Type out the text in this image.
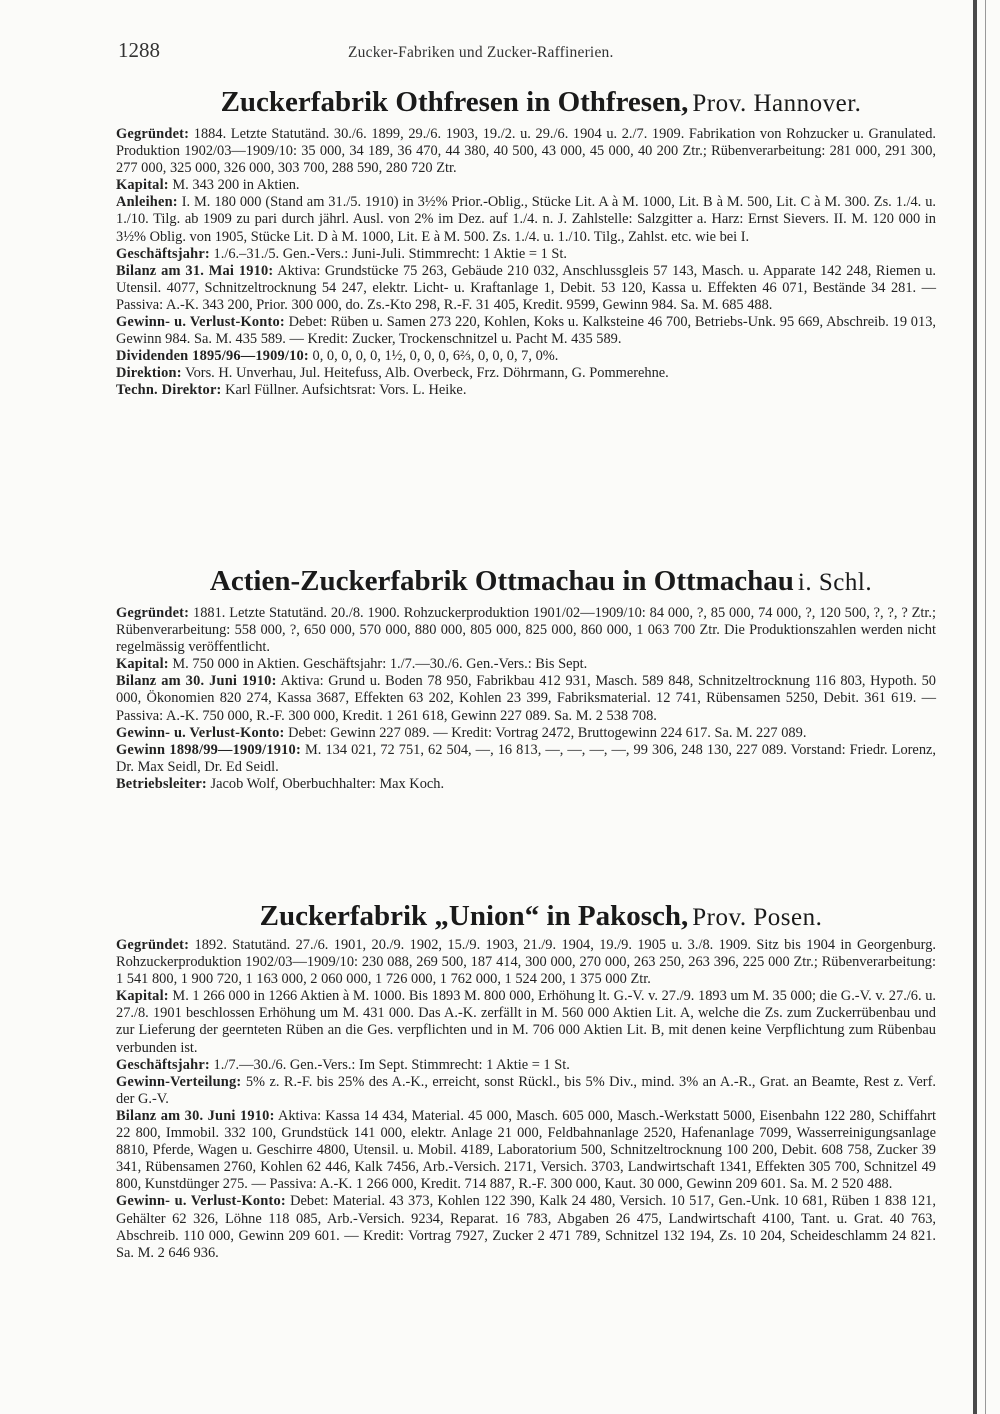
1288	Zucker-Fabriken und Zucker-Raffinerien.
Zuckerfabrik Othfresen in Othfresen, Prov. Hannover.

Gegründet: 1884. Letzte Statutänd. 30./6. 1899, 29./6. 1903, 19./2. u. 29./6. 1904 u. 2./7. 1909. Fabrikation von Rohzucker u. Granulated. Produktion 1902/03—1909/10: 35 000, 34 189, 36 470, 44 380, 40 500, 43 000, 45 000, 40 200 Ztr.; Rübenverarbeitung: 281 000, 291 300, 277 000, 325 000, 326 000, 303 700, 288 590, 280 720 Ztr.

Kapital: M. 343 200 in Aktien.

Anleihen: I. M. 180 000 (Stand am 31./5. 1910) in 3½% Prior.-Oblig., Stücke Lit. A à M. 1000, Lit. B à M. 500, Lit. C à M. 300. Zs. 1./4. u. 1./10. Tilg. ab 1909 zu pari durch jährl. Ausl. von 2% im Dez. auf 1./4. n. J. Zahlstelle: Salzgitter a. Harz: Ernst Sievers. II. M. 120 000 in 3½% Oblig. von 1905, Stücke Lit. D à M. 1000, Lit. E à M. 500. Zs. 1./4. u. 1./10. Tilg., Zahlst. etc. wie bei I.

Geschäftsjahr: 1./6.–31./5. Gen.-Vers.: Juni-Juli. Stimmrecht: 1 Aktie = 1 St.

Bilanz am 31. Mai 1910: Aktiva: Grundstücke 75 263, Gebäude 210 032, Anschlussgleis 57 143, Masch. u. Apparate 142 248, Riemen u. Utensil. 4077, Schnitzeltrocknung 54 247, elektr. Licht- u. Kraftanlage 1, Debit. 53 120, Kassa u. Effekten 46 071, Bestände 34 281. — Passiva: A.-K. 343 200, Prior. 300 000, do. Zs.-Kto 298, R.-F. 31 405, Kredit. 9599, Gewinn 984. Sa. M. 685 488.

Gewinn- u. Verlust-Konto: Debet: Rüben u. Samen 273 220, Kohlen, Koks u. Kalksteine 46 700, Betriebs-Unk. 95 669, Abschreib. 19 013, Gewinn 984. Sa. M. 435 589. — Kredit: Zucker, Trockenschnitzel u. Pacht M. 435 589.

Dividenden 1895/96—1909/10: 0, 0, 0, 0, 0, 1½, 0, 0, 0, 6⅔, 0, 0, 0, 7, 0%.

Direktion: Vors. H. Unverhau, Jul. Heitefuss, Alb. Overbeck, Frz. Döhrmann, G. Pommerehne.

Techn. Direktor: Karl Füllner. Aufsichtsrat: Vors. L. Heike.

Actien-Zuckerfabrik Ottmachau in Ottmachau i. Schl.

Gegründet: 1881. Letzte Statutänd. 20./8. 1900. Rohzuckerproduktion 1901/02—1909/10: 84 000, ?, 85 000, 74 000, ?, 120 500, ?, ?, ? Ztr.; Rübenverarbeitung: 558 000, ?, 650 000, 570 000, 880 000, 805 000, 825 000, 860 000, 1 063 700 Ztr. Die Produktionszahlen werden nicht regelmässig veröffentlicht.

Kapital: M. 750 000 in Aktien. Geschäftsjahr: 1./7.—30./6. Gen.-Vers.: Bis Sept.

Bilanz am 30. Juni 1910: Aktiva: Grund u. Boden 78 950, Fabrikbau 412 931, Masch. 589 848, Schnitzeltrocknung 116 803, Hypoth. 50 000, Ökonomien 820 274, Kassa 3687, Effekten 63 202, Kohlen 23 399, Fabriksmaterial. 12 741, Rübensamen 5250, Debit. 361 619. — Passiva: A.-K. 750 000, R.-F. 300 000, Kredit. 1 261 618, Gewinn 227 089. Sa. M. 2 538 708.

Gewinn- u. Verlust-Konto: Debet: Gewinn 227 089. — Kredit: Vortrag 2472, Bruttogewinn 224 617. Sa. M. 227 089.

Gewinn 1898/99—1909/1910: M. 134 021, 72 751, 62 504, —, 16 813, —, —, —, —, 99 306, 248 130, 227 089. Vorstand: Friedr. Lorenz, Dr. Max Seidl, Dr. Ed Seidl.

Betriebsleiter: Jacob Wolf, Oberbuchhalter: Max Koch.

Zuckerfabrik „Union“ in Pakosch, Prov. Posen.

Gegründet: 1892. Statutänd. 27./6. 1901, 20./9. 1902, 15./9. 1903, 21./9. 1904, 19./9. 1905 u. 3./8. 1909. Sitz bis 1904 in Georgenburg. Rohzuckerproduktion 1902/03—1909/10: 230 088, 269 500, 187 414, 300 000, 270 000, 263 250, 263 396, 225 000 Ztr.; Rübenverarbeitung: 1 541 800, 1 900 720, 1 163 000, 2 060 000, 1 726 000, 1 762 000, 1 524 200, 1 375 000 Ztr.

Kapital: M. 1 266 000 in 1266 Aktien à M. 1000. Bis 1893 M. 800 000, Erhöhung lt. G.-V. v. 27./9. 1893 um M. 35 000; die G.-V. v. 27./6. u. 27./8. 1901 beschlossen Erhöhung um M. 431 000. Das A.-K. zerfällt in M. 560 000 Aktien Lit. A, welche die Zs. zum Zuckerrübenbau und zur Lieferung der geernteten Rüben an die Ges. verpflichten und in M. 706 000 Aktien Lit. B, mit denen keine Verpflichtung zum Rübenbau verbunden ist.

Geschäftsjahr: 1./7.—30./6. Gen.-Vers.: Im Sept. Stimmrecht: 1 Aktie = 1 St.

Gewinn-Verteilung: 5% z. R.-F. bis 25% des A.-K., erreicht, sonst Rückl., bis 5% Div., mind. 3% an A.-R., Grat. an Beamte, Rest z. Verf. der G.-V.

Bilanz am 30. Juni 1910: Aktiva: Kassa 14 434, Material. 45 000, Masch. 605 000, Masch.-Werkstatt 5000, Eisenbahn 122 280, Schiffahrt 22 800, Immobil. 332 100, Grundstück 141 000, elektr. Anlage 21 000, Feldbahnanlage 2520, Hafenanlage 7099, Wasserreinigungsanlage 8810, Pferde, Wagen u. Geschirre 4800, Utensil. u. Mobil. 4189, Laboratorium 500, Schnitzeltrocknung 100 200, Debit. 608 758, Zucker 39 341, Rübensamen 2760, Kohlen 62 446, Kalk 7456, Arb.-Versich. 2171, Versich. 3703, Landwirtschaft 1341, Effekten 305 700, Schnitzel 49 800, Kunstdünger 275. — Passiva: A.-K. 1 266 000, Kredit. 714 887, R.-F. 300 000, Kaut. 30 000, Gewinn 209 601. Sa. M. 2 520 488.

Gewinn- u. Verlust-Konto: Debet: Material. 43 373, Kohlen 122 390, Kalk 24 480, Versich. 10 517, Gen.-Unk. 10 681, Rüben 1 838 121, Gehälter 62 326, Löhne 118 085, Arb.-Versich. 9234, Reparat. 16 783, Abgaben 26 475, Landwirtschaft 4100, Tant. u. Grat. 40 763, Abschreib. 110 000, Gewinn 209 601. — Kredit: Vortrag 7927, Zucker 2 471 789, Schnitzel 132 194, Zs. 10 204, Scheideschlamm 24 821. Sa. M. 2 646 936.
